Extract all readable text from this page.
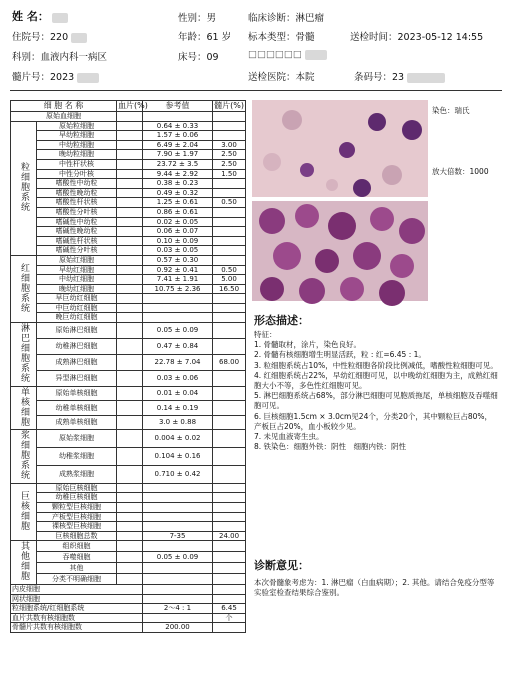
姓 名：	性别：男	临床诊断：淋巴瘤
住院号：220	年龄：61 岁 标本类型：骨髓	送检时间：2023-05-12 14:55
科别：血液内科一病区	床号：09	□□□□□□
髓片号：2023	送检医院：本院	条码号：23
细 胞 名 称		血片(%)	参考值	髓片(%)
原始血细胞				
粒细胞系统	原始粒细胞		0.64 ± 0.33	
	早幼粒细胞		1.57 ± 0.06	
	中幼粒细胞		6.49 ± 2.04	3.00
	晚幼粒细胞		7.90 ± 1.97	2.50
	中性杆状核		23.72 ± 3.5	2.50
	中性分叶核		9.44 ± 2.92	1.50
	嗜酸性中幼粒		0.38 ± 0.23	
	嗜酸性晚幼粒		0.49 ± 0.32	
	嗜酸性杆状核		1.25 ± 0.61	0.50
	嗜酸性分叶核		0.86 ± 0.61	
	嗜碱性中幼粒		0.02 ± 0.05	
	嗜碱性晚幼粒		0.06 ± 0.07	
	嗜碱性杆状核		0.10 ± 0.09	
	嗜碱性分叶核		0.03 ± 0.05	
红细胞系统	原始红细胞		0.57 ± 0.30	
	早幼红细胞		0.92 ± 0.41	0.50
	中幼红细胞		7.41 ± 1.91	5.00
	晚幼红细胞		10.75 ± 2.36	16.50
	早巨幼红细胞			
	中巨幼红细胞			
	晚巨幼红细胞			
淋巴细胞系统	原始淋巴细胞		0.05 ± 0.09	
	幼稚淋巴细胞		0.47 ± 0.84	
	成熟淋巴细胞		22.78 ± 7.04	68.00
	异型淋巴细胞		0.03 ± 0.06	
单核细胞	原始单核细胞		0.01 ± 0.04	
	幼稚单核细胞		0.14 ± 0.19	
	成熟单核细胞		3.0 ± 0.88	
浆细胞系统	原始浆细胞		0.004 ± 0.02	
	幼稚浆细胞		0.104 ± 0.16	
	成熟浆细胞		0.710 ± 0.42	
巨核细胞	原始巨核细胞			
	幼稚巨核细胞			
	颗粒型巨核细胞			
	产板型巨核细胞			
	裸核型巨核细胞			
	巨核细胞总数		7-35	24.00
其他细胞	组织细胞			
	吞噬细胞		0.05 ± 0.09	
	其他			
	分类不明确细胞			
内皮细胞				
网状细胞				
粒细胞系统/红细胞系统			2～4 : 1	6.45
血片共数有核细胞数				个
骨髓片共数有核细胞数			200.00	
染色：瑞氏
放大倍数：1000
形态描述：
特征：
1. 骨髓取材，涂片，染色良好。
2. 骨髓有核细胞增生明显活跃，粒 : 红=6.45 : 1。
3. 粒细胞系统占10%，中性粒细胞各阶段比例减低，嗜酸性粒细胞可见。
4. 红细胞系统占22%，早幼红细胞可见，以中晚幼红细胞为主，成熟红细胞大小不等，多色性红细胞可见。
5. 淋巴细胞系统占68%，部分淋巴细胞可见胞质拖尾，单核细胞及吞噬细胞可见。
6. 巨核细胞1.5cm × 3.0cm见24个，分类20个，其中颗粒巨占80%，产板巨占20%，血小板较少见。
7. 未见血液寄生虫。
8. 铁染色：细胞外铁：阴性　细胞内铁：阴性
诊断意见：
本次骨髓象考虑为：1. 淋巴瘤（白血病期）；2. 其他。请结合免疫分型等实验室检查结果综合鉴别。
